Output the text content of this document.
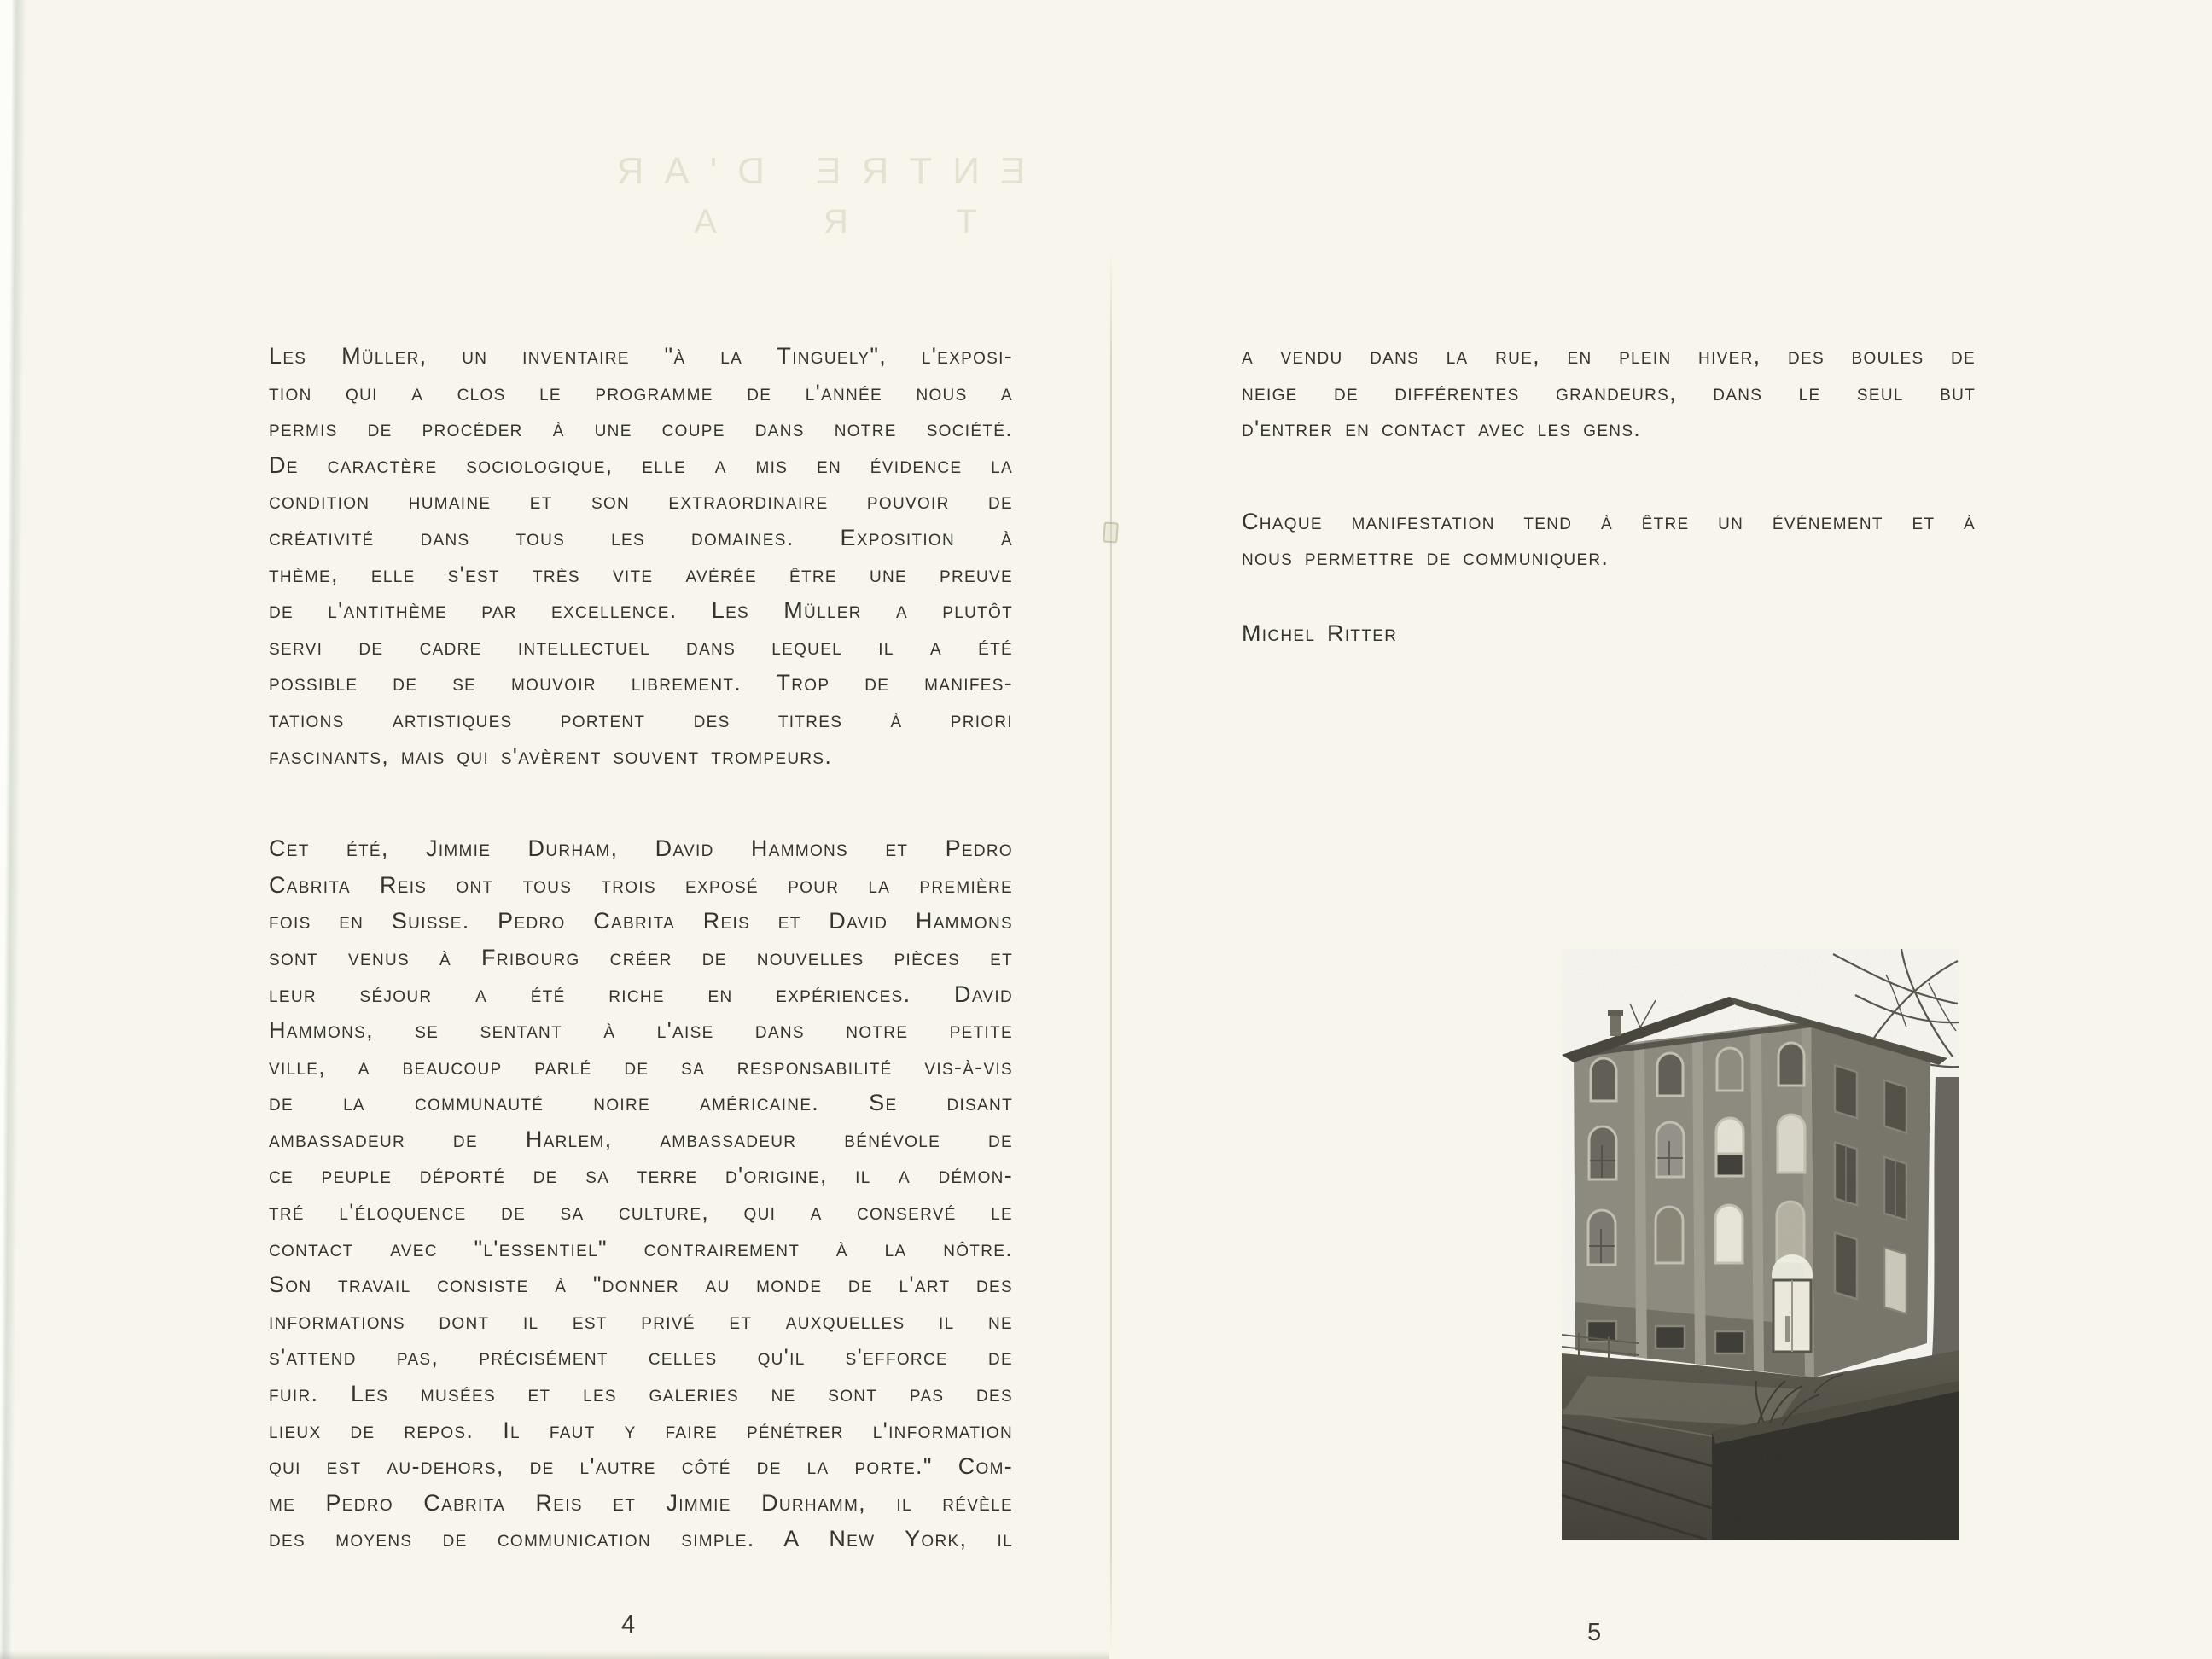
ENTRE D'AR
T R A
Les Müller, un inventaire "à la Tinguely", l'exposi-
tion qui a clos le programme de l'année nous a
permis de procéder à une coupe dans notre société.
De caractère sociologique, elle a mis en évidence la
condition humaine et son extraordinaire pouvoir de
créativité dans tous les domaines. Exposition à
thème, elle s'est très vite avérée être une preuve
de l'antithème par excellence. Les Müller a plutôt
servi de cadre intellectuel dans lequel il a été
possible de se mouvoir librement. Trop de manifes-
tations artistiques portent des titres à priori
fascinants, mais qui s'avèrent souvent trompeurs.
Cet été, Jimmie Durham, David Hammons et Pedro
Cabrita Reis ont tous trois exposé pour la première
fois en Suisse. Pedro Cabrita Reis et David Hammons
sont venus à Fribourg créer de nouvelles pièces et
leur séjour a été riche en expériences. David
Hammons, se sentant à l'aise dans notre petite
ville, a beaucoup parlé de sa responsabilité vis-à-vis
de la communauté noire américaine. Se disant
ambassadeur de Harlem, ambassadeur bénévole de
ce peuple déporté de sa terre d'origine, il a démon-
tré l'éloquence de sa culture, qui a conservé le
contact avec "l'essentiel" contrairement à la nôtre.
Son travail consiste à "donner au monde de l'art des
informations dont il est privé et auxquelles il ne
s'attend pas, précisément celles qu'il s'efforce de
fuir. Les musées et les galeries ne sont pas des
lieux de repos. Il faut y faire pénétrer l'information
qui est au-dehors, de l'autre côté de la porte." Com-
me Pedro Cabrita Reis et Jimmie Durhamm, il révèle
des moyens de communication simple. A New York, il
4
a vendu dans la rue, en plein hiver, des boules de
neige de différentes grandeurs, dans le seul but
d'entrer en contact avec les gens.
Chaque manifestation tend à être un événement et à
nous permettre de communiquer.
Michel Ritter
5
